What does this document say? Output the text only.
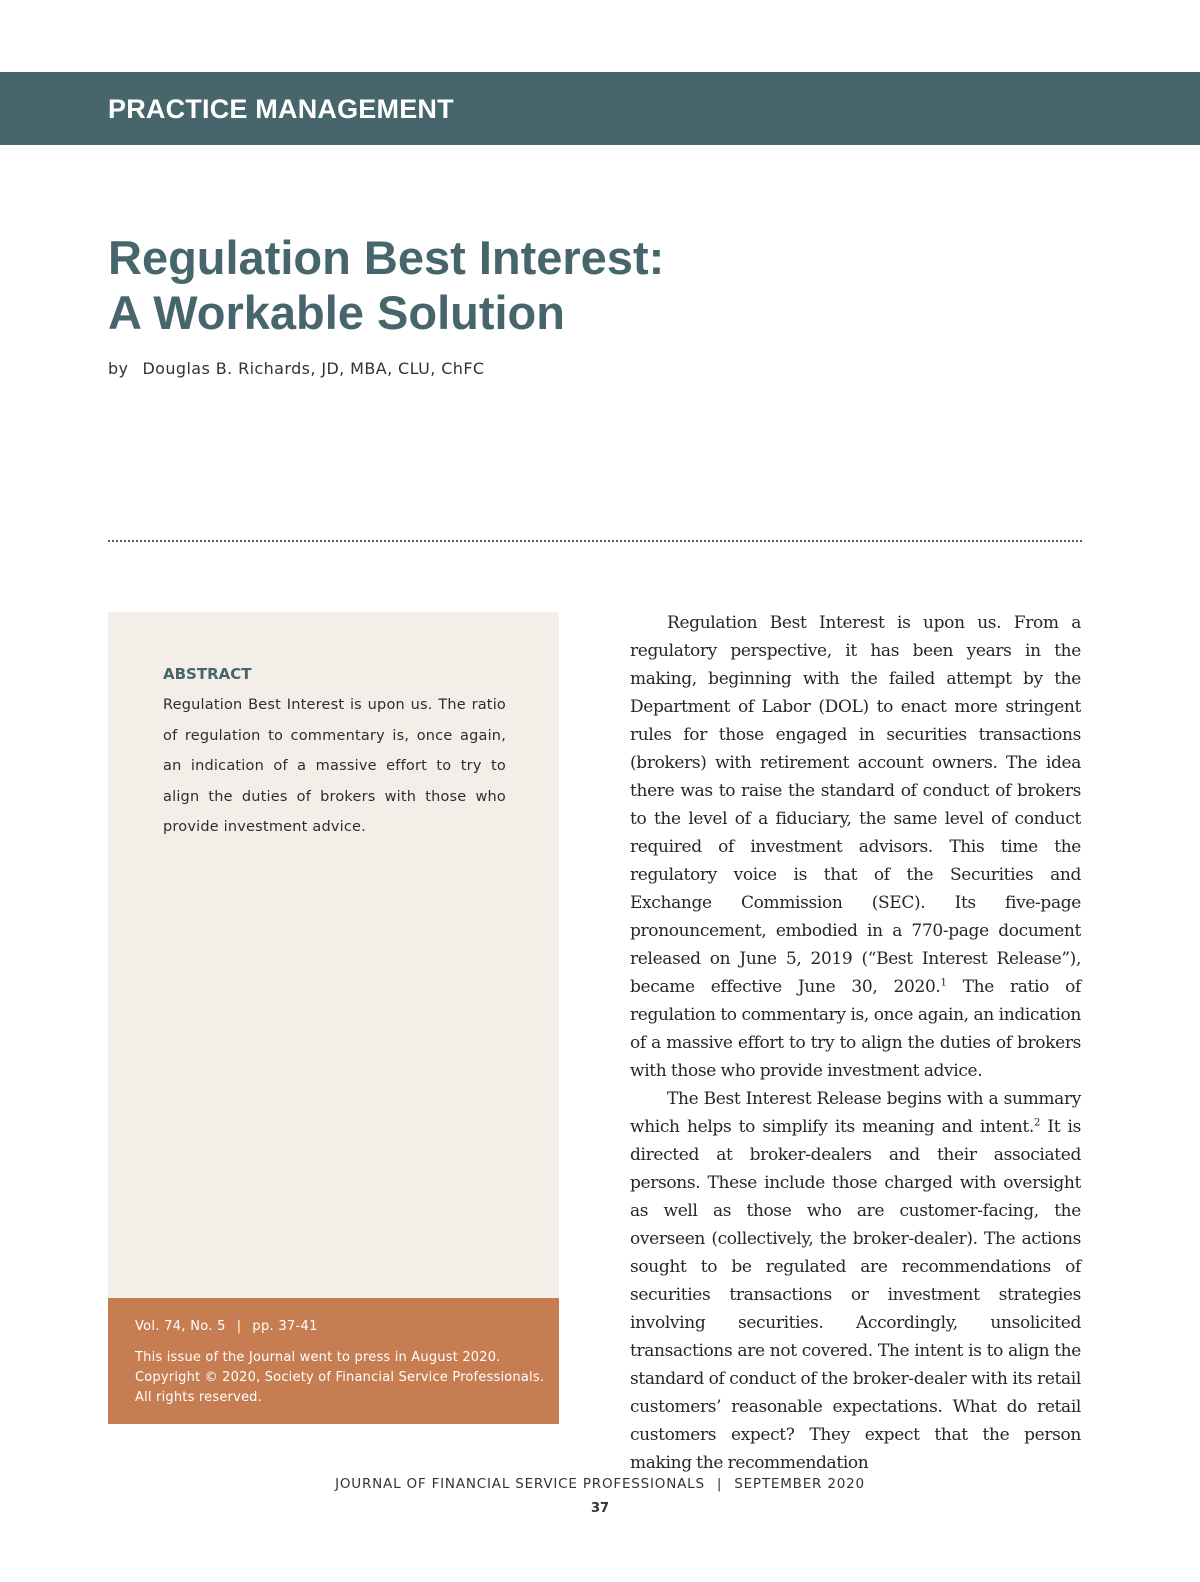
PRACTICE MANAGEMENT
Regulation Best Interest:
A Workable Solution
by Douglas B. Richards, JD, MBA, CLU, ChFC
ABSTRACT

Regulation Best Interest is upon us. The ratio of regulation to commentary is, once again, an indication of a massive effort to try to align the duties of brokers with those who provide investment advice.

Vol. 74, No. 5 | pp. 37-41

This issue of the Journal went to press in August 2020. Copyright © 2020, Society of Financial Service Professionals. All rights reserved.

Regulation Best Interest is upon us. From a regulatory perspective, it has been years in the making, beginning with the failed attempt by the Department of Labor (DOL) to enact more stringent rules for those engaged in securities transactions (brokers) with retirement account owners. The idea there was to raise the standard of conduct of brokers to the level of a fiduciary, the same level of conduct required of investment advisors. This time the regulatory voice is that of the Securities and Exchange Commission (SEC). Its five-page pronouncement, embodied in a 770-page document released on June 5, 2019 (“Best Interest Release”), became effective June 30, 2020.$^1$ The ratio of regulation to commentary is, once again, an indication of a massive effort to try to align the duties of brokers with those who provide investment advice.

The Best Interest Release begins with a summary which helps to simplify its meaning and intent.$^2$ It is directed at broker-dealers and their associated persons. These include those charged with oversight as well as those who are customer-facing, the overseen (collectively, the broker-dealer). The actions sought to be regulated are recommendations of securities transactions or investment strategies involving securities. Accordingly, unsolicited transactions are not covered. The intent is to align the standard of conduct of the broker-dealer with its retail customers’ reasonable expectations. What do retail customers expect? They expect that the person making the recommendation

JOURNAL OF FINANCIAL SERVICE PROFESSIONALS | SEPTEMBER 2020
37
